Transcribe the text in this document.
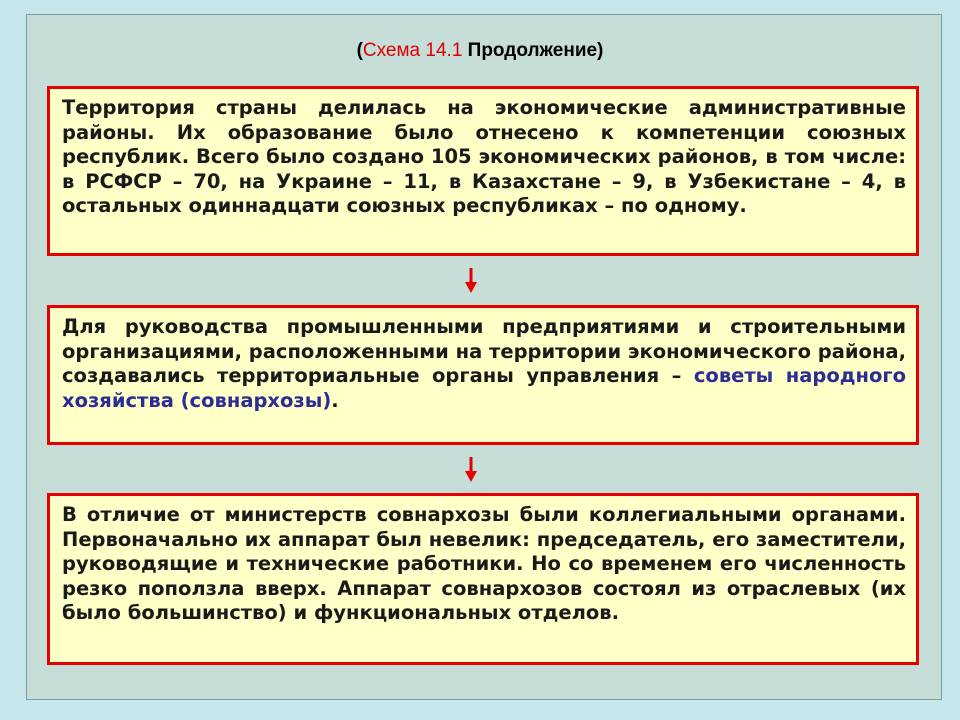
(Схема 14.1 Продолжение)
Территория страны делилась на экономические административные районы. Их образование было отнесено к компетенции союзных республик. Всего было создано 105 экономических районов, в том числе: в РСФСР – 70, на Украине – 11, в Казахстане – 9, в Узбекистане – 4, в остальных одиннадцати союзных республиках – по одному.
Для руководства промышленными предприятиями и строительными организациями, расположенными на территории экономического района, создавались территориальные органы управления – советы народного хозяйства (совнархозы).
В отличие от министерств совнархозы были коллегиальными органами. Первоначально их аппарат был невелик: председатель, его заместители, руководящие и технические работники. Но со временем его численность резко поползла вверх. Аппарат совнархозов состоял из отраслевых (их было большинство) и функциональных отделов.
